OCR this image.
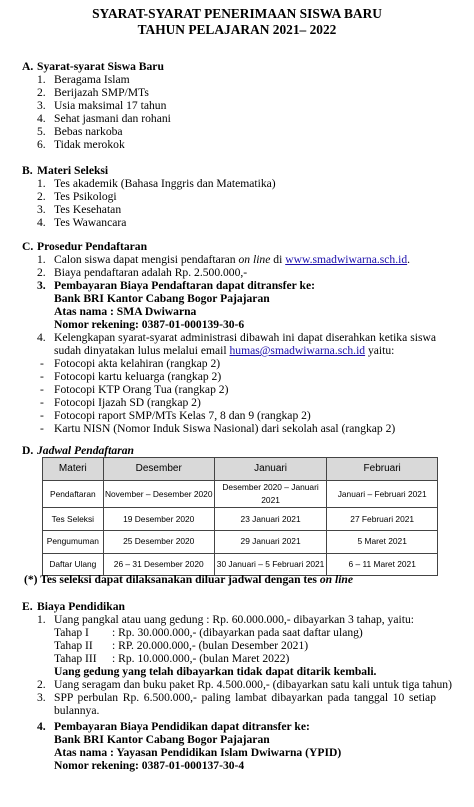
SYARAT-SYARAT PENERIMAAN SISWA BARU
TAHUN PELAJARAN 2021– 2022
A. Syarat-syarat Siswa Baru
1. Beragama Islam
2. Berijazah SMP/MTs
3. Usia maksimal 17 tahun
4. Sehat jasmani dan rohani
5. Bebas narkoba
6. Tidak merokok
B. Materi Seleksi
1. Tes akademik (Bahasa Inggris dan Matematika)
2. Tes Psikologi
3. Tes Kesehatan
4. Tes Wawancara
C. Prosedur Pendaftaran
1. Calon siswa dapat mengisi pendaftaran on line di www.smadwiwarna.sch.id.
2. Biaya pendaftaran adalah Rp. 2.500.000,-
3. Pembayaran Biaya Pendaftaran dapat ditransfer ke:
Bank BRI Kantor Cabang Bogor Pajajaran
Atas nama : SMA Dwiwarna
Nomor rekening: 0387-01-000139-30-6
4. Kelengkapan syarat-syarat administrasi dibawah ini dapat diserahkan ketika siswa
sudah dinyatakan lulus melalui email humas@smadwiwarna.sch.id yaitu:
- Fotocopi akta kelahiran (rangkap 2)
- Fotocopi kartu keluarga (rangkap 2)
- Fotocopi KTP Orang Tua (rangkap 2)
- Fotocopi Ijazah SD (rangkap 2)
- Fotocopi raport SMP/MTs Kelas 7, 8 dan 9 (rangkap 2)
- Kartu NISN (Nomor Induk Siswa Nasional) dari sekolah asal (rangkap 2)
D. Jadwal Pendaftaran
Materi	Desember	Januari	Februari
Pendaftaran	November – Desember 2020	Desember 2020 – Januari 2021	Januari – Februari 2021
Tes Seleksi	19 Desember 2020	23 Januari 2021	27 Februari 2021
Pengumuman	25 Desember 2020	29 Januari 2021	5 Maret 2021
Daftar Ulang	26 – 31 Desember 2020	30 Januari – 5 Februari 2021	6 – 11 Maret 2021
(*) Tes seleksi dapat dilaksanakan diluar jadwal dengan tes on line
E. Biaya Pendidikan
1. Uang pangkal atau uang gedung : Rp. 60.000.000,- dibayarkan 3 tahap, yaitu:
Tahap I : Rp. 30.000.000,- (dibayarkan pada saat daftar ulang)
Tahap II : RP. 20.000.000,- (bulan Desember 2021)
Tahap III : Rp. 10.000.000,- (bulan Maret 2022)
Uang gedung yang telah dibayarkan tidak dapat ditarik kembali.
2. Uang seragam dan buku paket Rp. 4.500.000,- (dibayarkan satu kali untuk tiga tahun)
3. SPP perbulan Rp. 6.500.000,- paling lambat dibayarkan pada tanggal 10 setiap
bulannya.
4. Pembayaran Biaya Pendidikan dapat ditransfer ke:
Bank BRI Kantor Cabang Bogor Pajajaran
Atas nama : Yayasan Pendidikan Islam Dwiwarna (YPID)
Nomor rekening: 0387-01-000137-30-4
